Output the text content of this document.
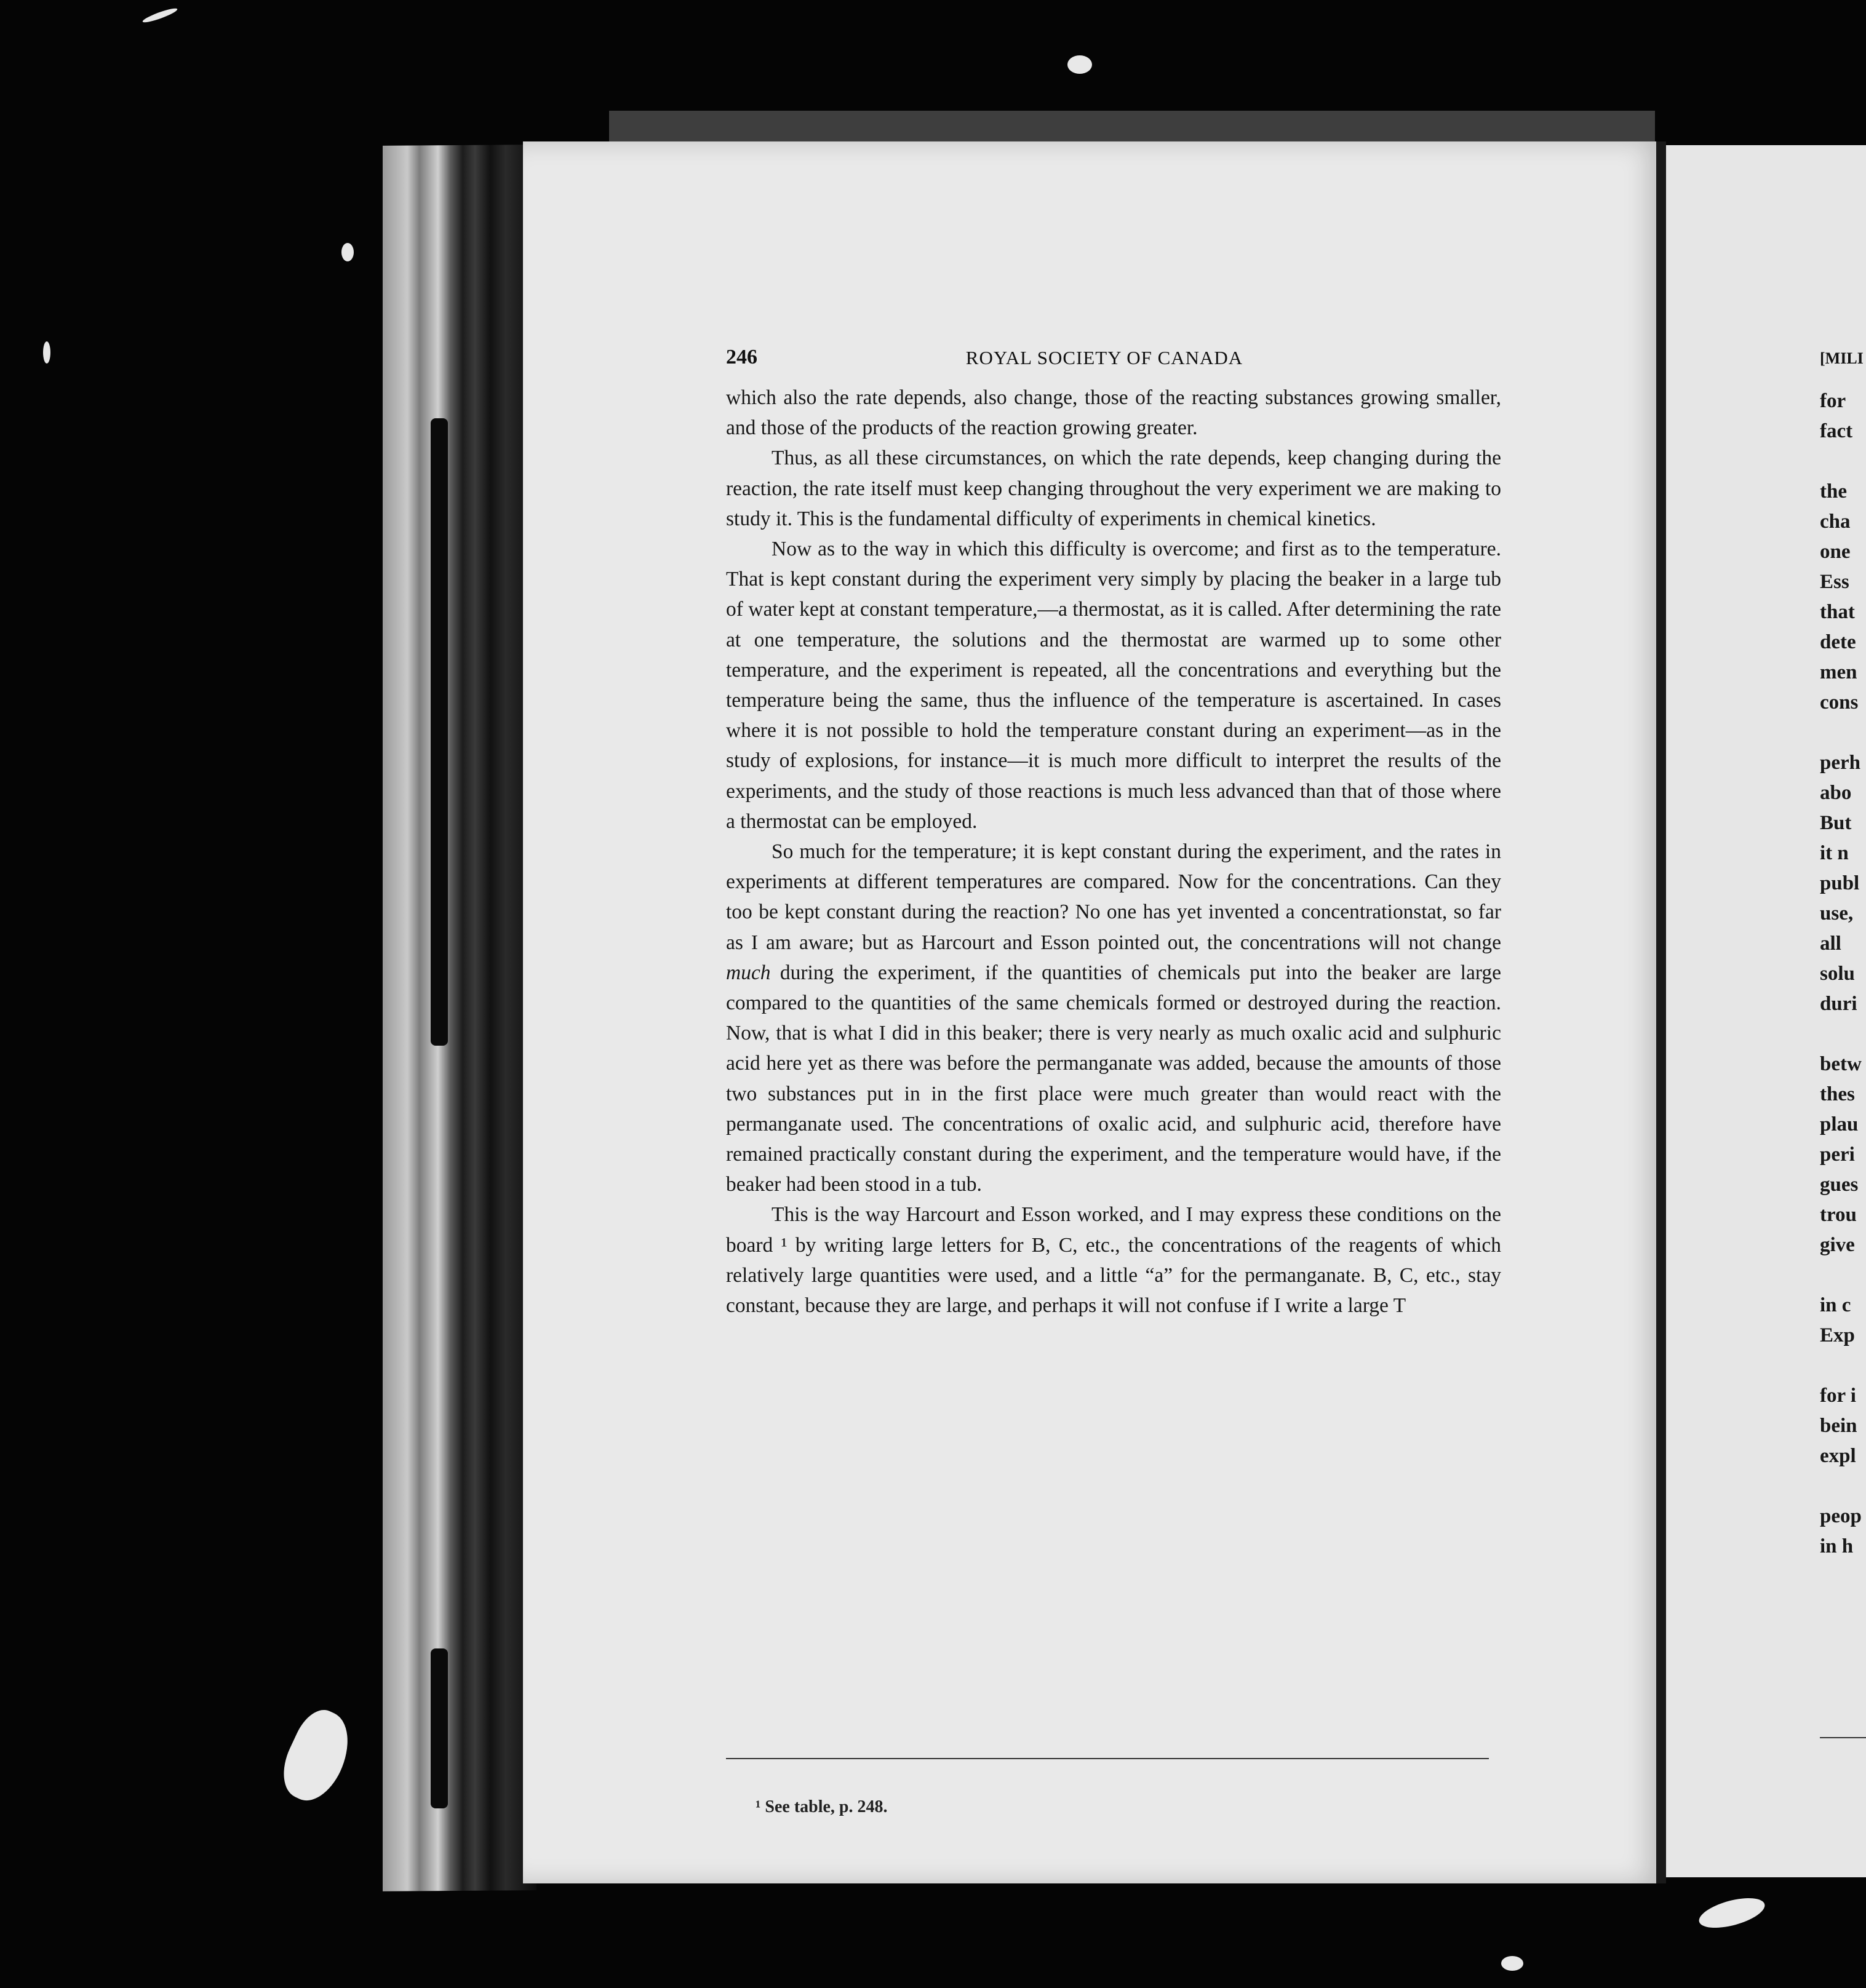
246	ROYAL SOCIETY OF CANADA

which also the rate depends, also change, those of the reacting substances growing smaller, and those of the products of the reaction growing greater.

Thus, as all these circumstances, on which the rate depends, keep changing during the reaction, the rate itself must keep changing throughout the very experiment we are making to study it. This is the fundamental difficulty of experiments in chemical kinetics.

Now as to the way in which this difficulty is overcome; and first as to the temperature. That is kept constant during the experiment very simply by placing the beaker in a large tub of water kept at constant temperature,—a thermostat, as it is called. After determining the rate at one temperature, the solutions and the thermostat are warmed up to some other temperature, and the experiment is repeated, all the concentrations and everything but the temperature being the same, thus the influence of the temperature is ascertained. In cases where it is not possible to hold the temperature constant during an experiment—as in the study of explosions, for instance—it is much more difficult to interpret the results of the experiments, and the study of those reactions is much less advanced than that of those where a thermostat can be employed.

So much for the temperature; it is kept constant during the experiment, and the rates in experiments at different temperatures are compared. Now for the concentrations. Can they too be kept constant during the reaction? No one has yet invented a concentrationstat, so far as I am aware; but as Harcourt and Esson pointed out, the concentrations will not change much during the experiment, if the quantities of chemicals put into the beaker are large compared to the quantities of the same chemicals formed or destroyed during the reaction. Now, that is what I did in this beaker; there is very nearly as much oxalic acid and sulphuric acid here yet as there was before the permanganate was added, because the amounts of those two substances put in in the first place were much greater than would react with the permanganate used. The concentrations of oxalic acid, and sulphuric acid, therefore have remained practically constant during the experiment, and the temperature would have, if the beaker had been stood in a tub.

This is the way Harcourt and Esson worked, and I may express these conditions on the board ¹ by writing large letters for B, C, etc., the concentrations of the reagents of which relatively large quantities were used, and a little “a” for the permanganate. B, C, etc., stay constant, because they are large, and perhaps it will not confuse if I write a large T

¹ See table, p. 248.
[MILI
for
fact
the
cha
one
Ess
that
dete
men
cons
perh
abo
But
it n
publ
use,
all
solu
duri
betw
thes
plau
peri
gues
trou
give
in c
Exp
for i
bein
expl
peop
in h
